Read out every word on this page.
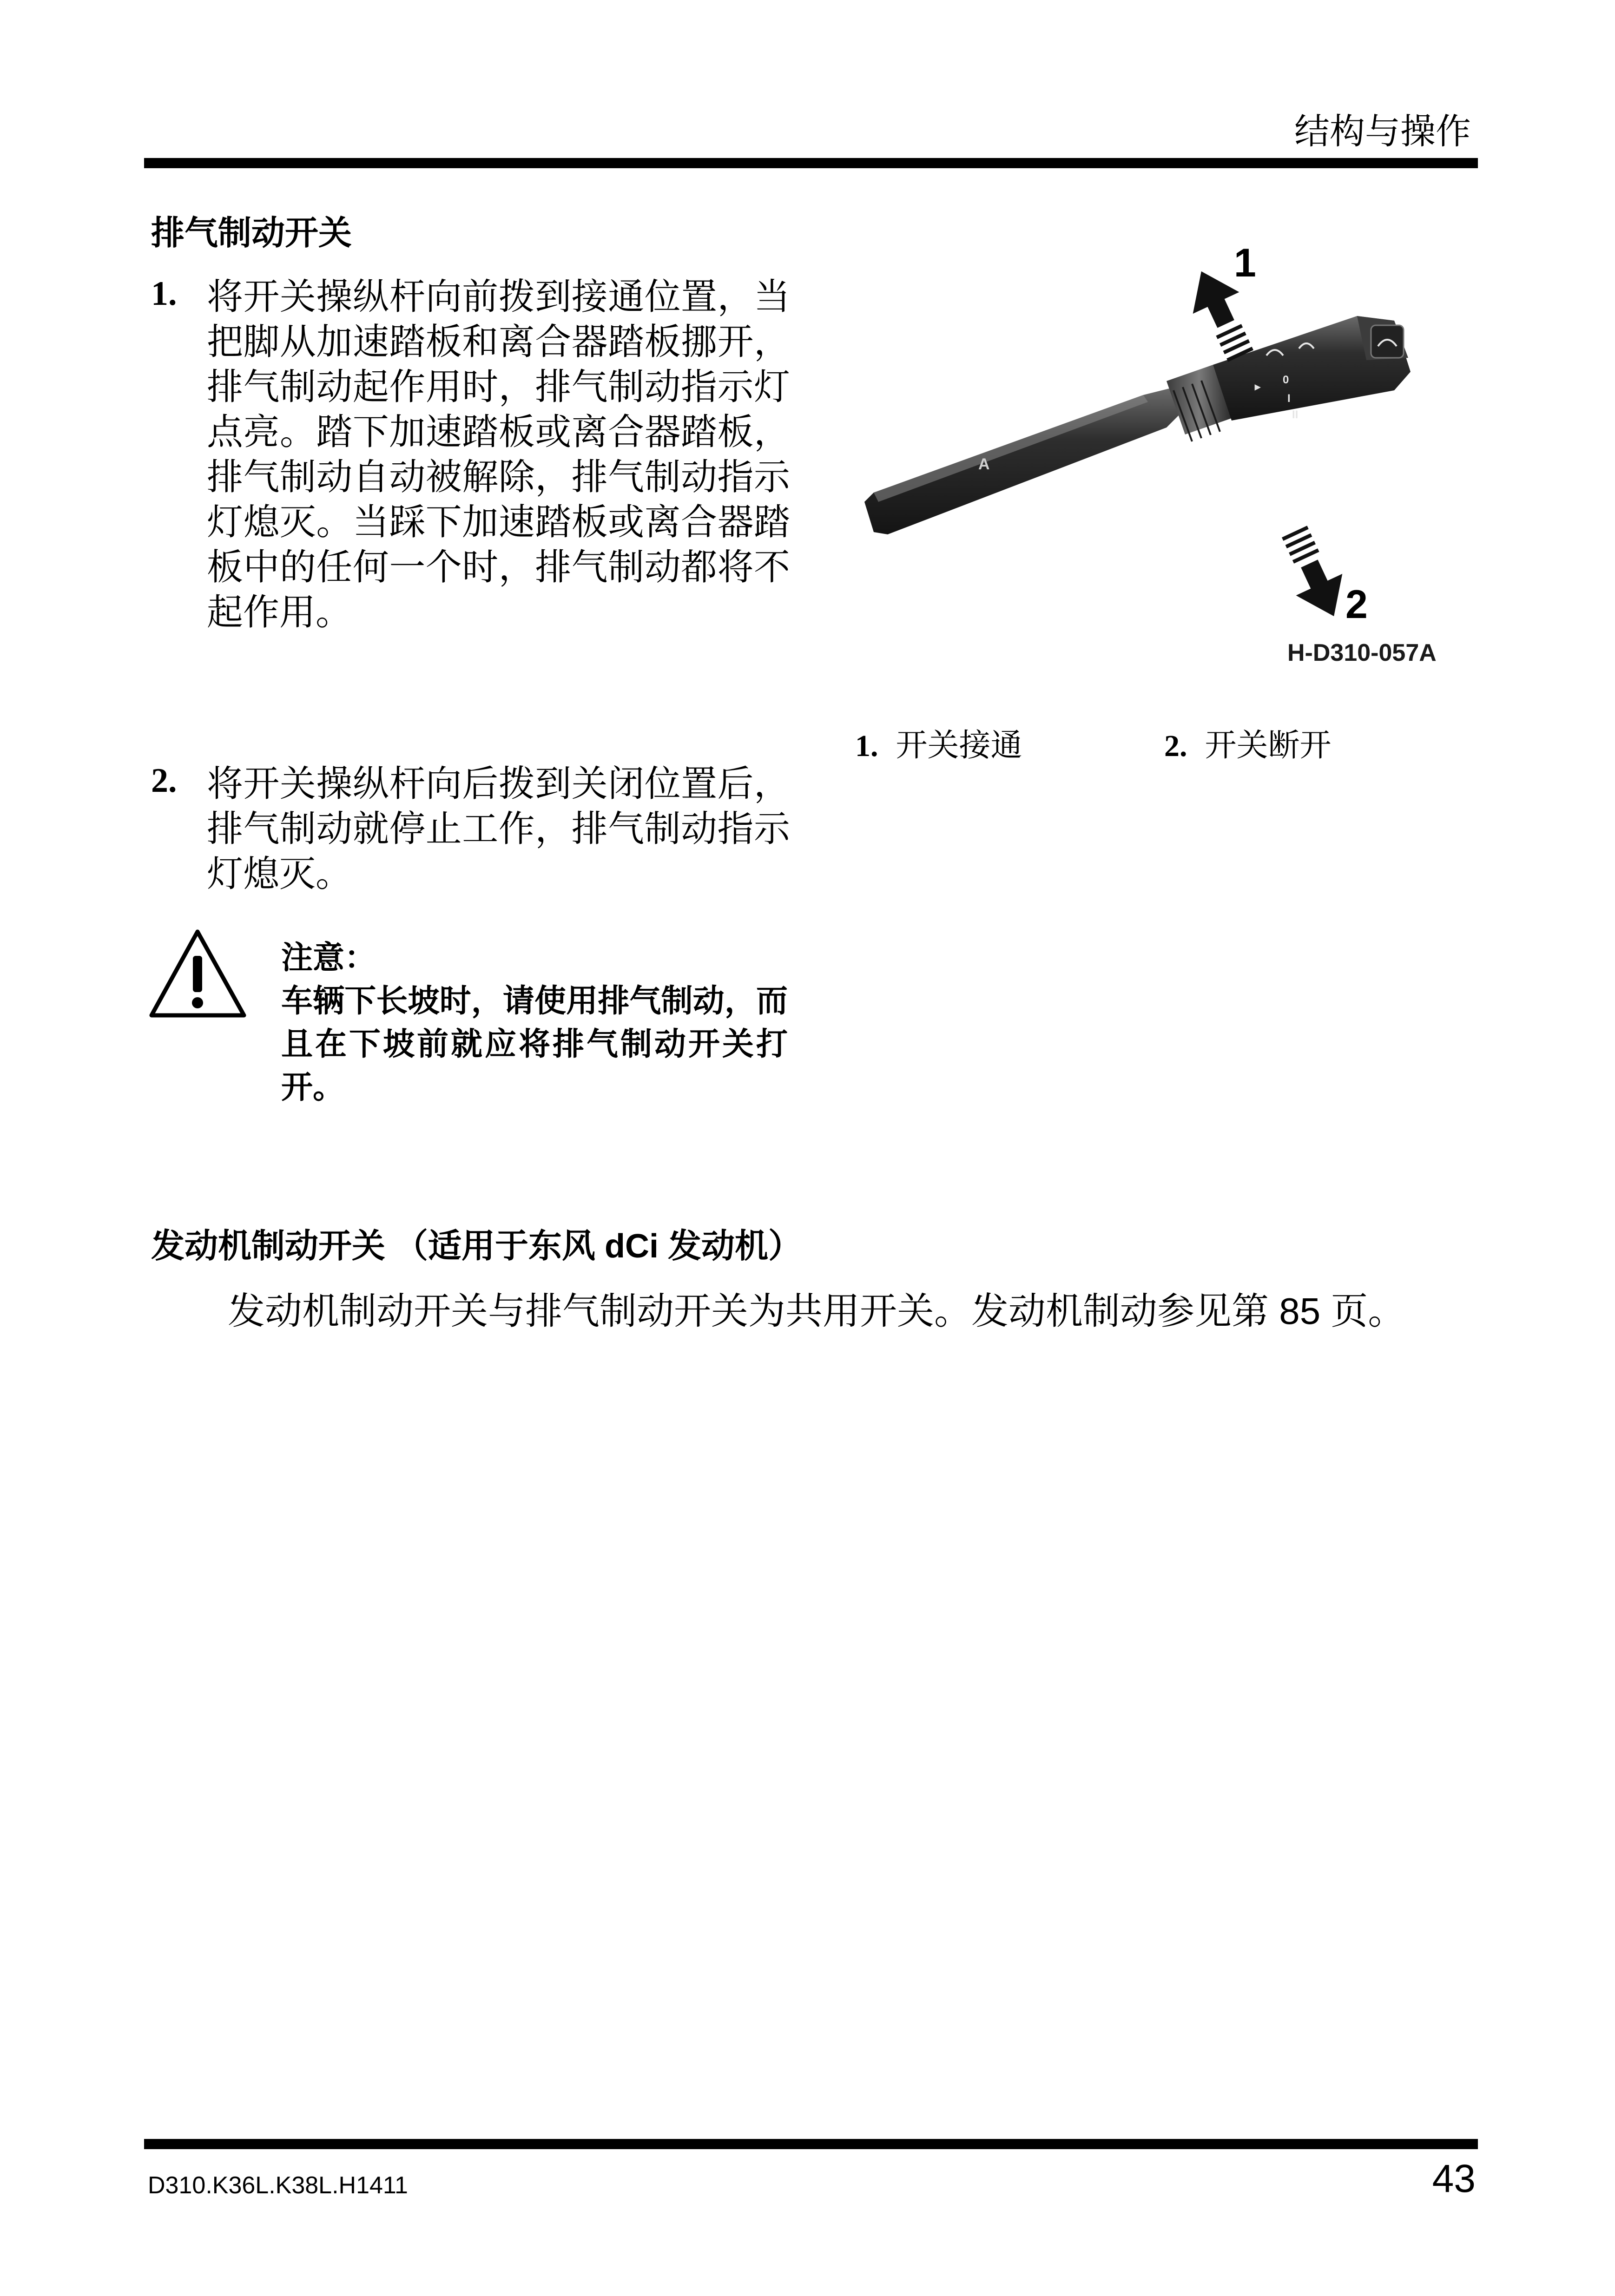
结构与操作
排气制动开关
1. 将开关操纵杆向前拨到接通位置，当把脚从加速踏板和离合器踏板挪开，排气制动起作用时，排气制动指示灯点亮。踏下加速踏板或离合器踏板，排气制动自动被解除，排气制动指示灯熄灭。当踩下加速踏板或离合器踏板中的任何一个时，排气制动都将不起作用。
2. 将开关操纵杆向后拨到关闭位置后，排气制动就停止工作，排气制动指示灯熄灭。
注意：
车辆下长坡时，请使用排气制动，而且在下坡前就应将排气制动开关打开。
▸
0
I
II
A
1
2
H-D310-057A
1. 开关接通	2. 开关断开
发动机制动开关 （适用于东风 dCi 发动机）
发动机制动开关与排气制动开关为共用开关。发动机制动参见第 85 页。
D310.K36L.K38L.H1411	43
